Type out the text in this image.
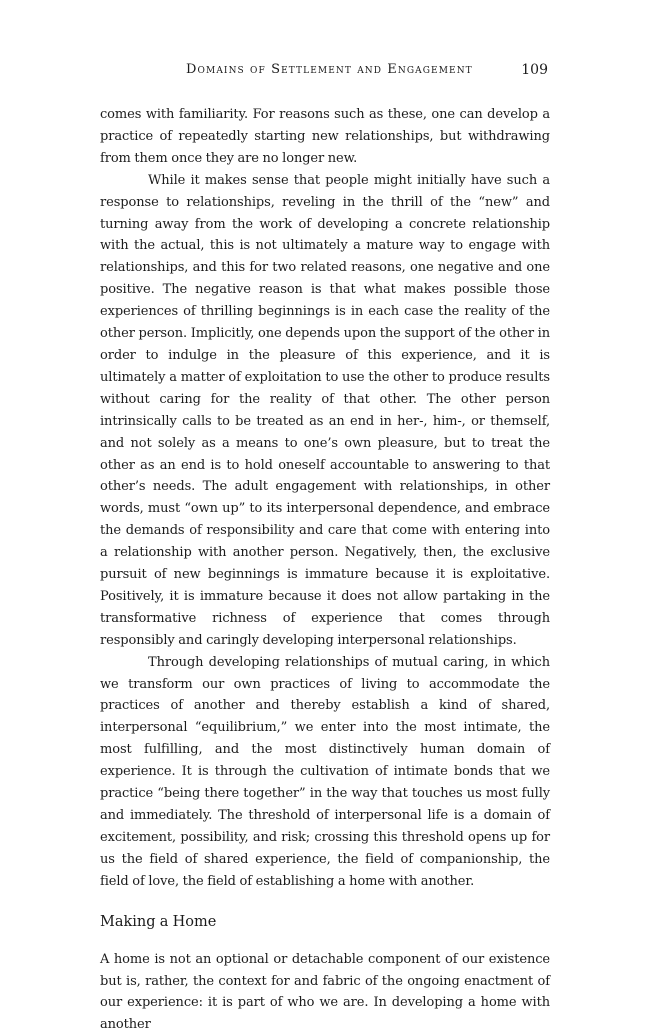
Domains of Settlement and Engagement	109

comes with familiarity. For reasons such as these, one can develop a practice of repeatedly starting new relationships, but withdrawing from them once they are no longer new.

While it makes sense that people might initially have such a response to relationships, reveling in the thrill of the “new” and turning away from the work of developing a concrete relationship with the actual, this is not ultimately a mature way to engage with relationships, and this for two related reasons, one negative and one positive. The negative reason is that what makes possible those experiences of thrilling beginnings is in each case the reality of the other person. Implicitly, one depends upon the support of the other in order to indulge in the pleasure of this experience, and it is ultimately a matter of exploitation to use the other to produce results without caring for the reality of that other. The other person intrinsically calls to be treated as an end in her-, him-, or themself, and not solely as a means to one’s own pleasure, but to treat the other as an end is to hold oneself accountable to answering to that other’s needs. The adult engagement with relationships, in other words, must “own up” to its interpersonal dependence, and embrace the demands of responsibility and care that come with entering into a relationship with another person. Negatively, then, the exclusive pursuit of new beginnings is immature because it is exploitative. Positively, it is immature because it does not allow partaking in the transformative richness of experience that comes through responsibly and caringly developing interpersonal relationships.

Through developing relationships of mutual caring, in which we transform our own practices of living to accommodate the practices of another and thereby establish a kind of shared, interpersonal “equilibrium,” we enter into the most intimate, the most fulfilling, and the most distinctively human domain of experience. It is through the cultivation of intimate bonds that we practice “being there together” in the way that touches us most fully and immediately. The threshold of interpersonal life is a domain of excitement, possibility, and risk; crossing this threshold opens up for us the field of shared experience, the field of companionship, the field of love, the field of establishing a home with another.

Making a Home

A home is not an optional or detachable component of our existence but is, rather, the context for and fabric of the ongoing enactment of our experience: it is part of who we are. In developing a home with another
